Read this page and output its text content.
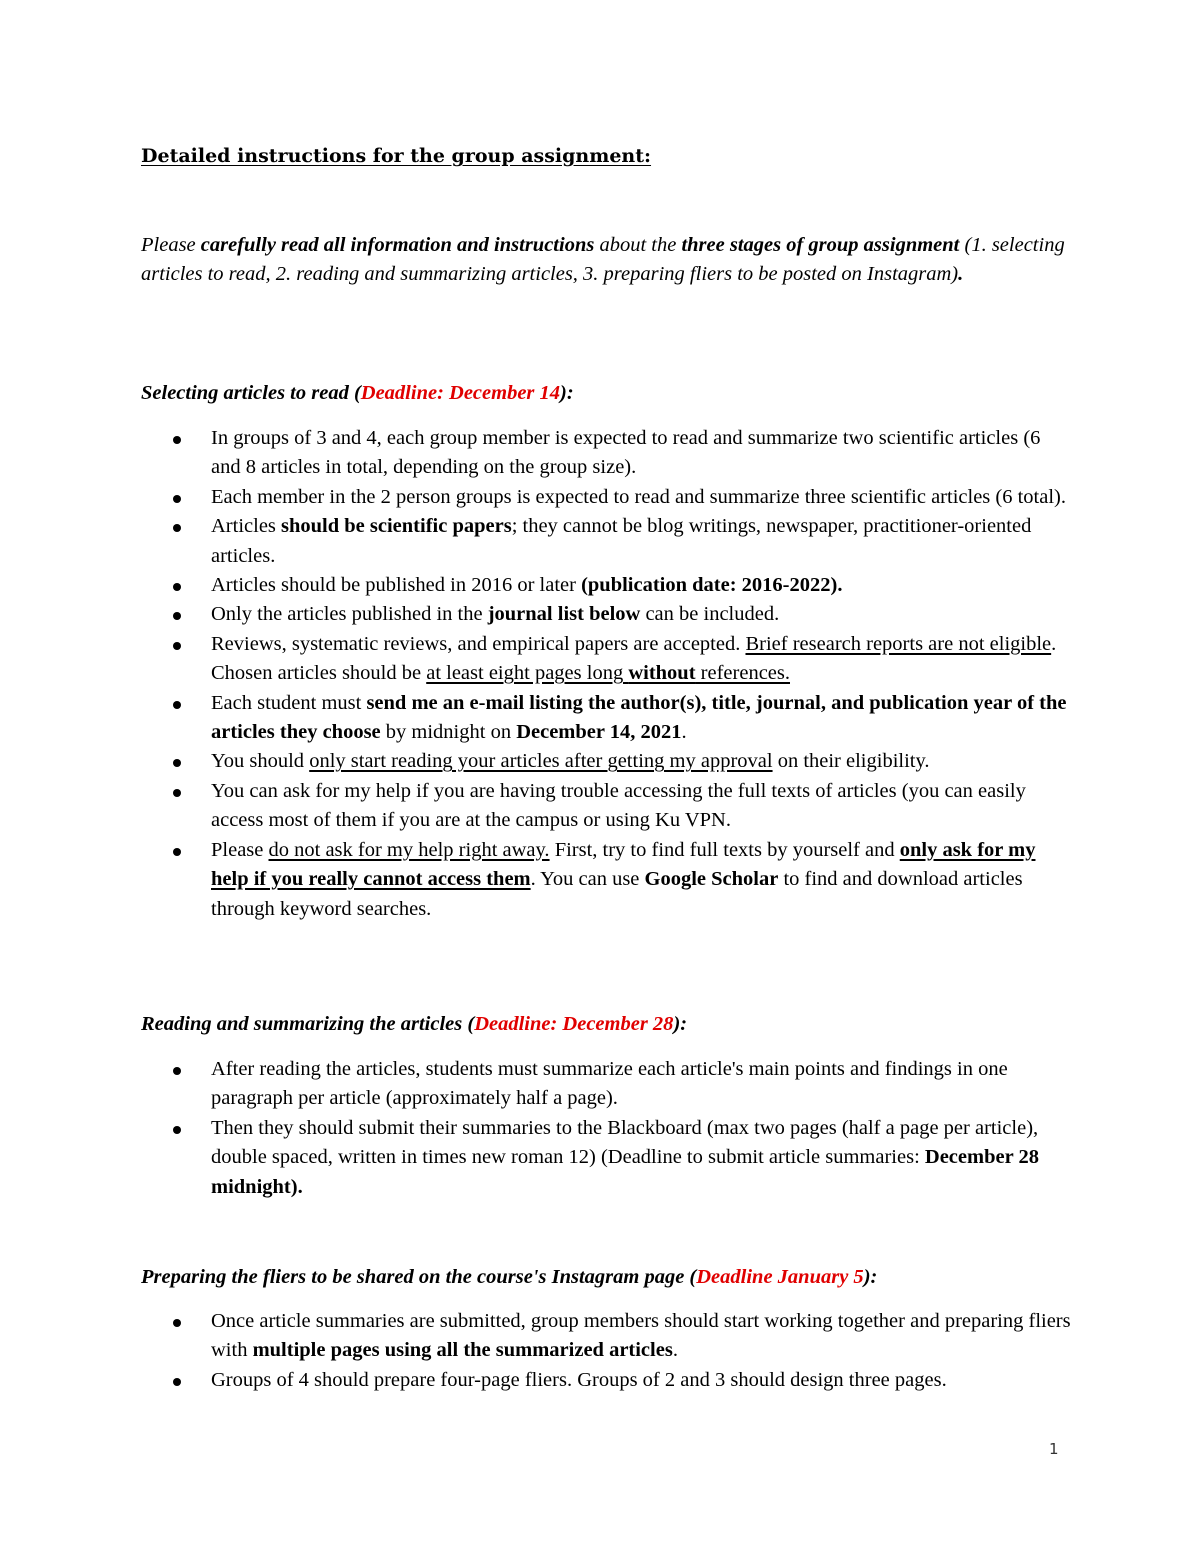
Detailed instructions for the group assignment:

Please carefully read all information and instructions about the three stages of group assignment (1. selecting articles to read, 2. reading and summarizing articles, 3. preparing fliers to be posted on Instagram).

Selecting articles to read (Deadline: December 14):

In groups of 3 and 4, each group member is expected to read and summarize two scientific articles (6 and 8 articles in total, depending on the group size).
Each member in the 2 person groups is expected to read and summarize three scientific articles (6 total).
Articles should be scientific papers; they cannot be blog writings, newspaper, practitioner-oriented articles.
Articles should be published in 2016 or later (publication date: 2016-2022).
Only the articles published in the journal list below can be included.
Reviews, systematic reviews, and empirical papers are accepted. Brief research reports are not eligible. Chosen articles should be at least eight pages long without references.
Each student must send me an e-mail listing the author(s), title, journal, and publication year of the articles they choose by midnight on December 14, 2021.
You should only start reading your articles after getting my approval on their eligibility.
You can ask for my help if you are having trouble accessing the full texts of articles (you can easily access most of them if you are at the campus or using Ku VPN.
Please do not ask for my help right away. First, try to find full texts by yourself and only ask for my help if you really cannot access them. You can use Google Scholar to find and download articles through keyword searches.

Reading and summarizing the articles (Deadline: December 28):

After reading the articles, students must summarize each article's main points and findings in one paragraph per article (approximately half a page).
Then they should submit their summaries to the Blackboard (max two pages (half a page per article), double spaced, written in times new roman 12) (Deadline to submit article summaries: December 28 midnight).

Preparing the fliers to be shared on the course's Instagram page (Deadline January 5):

Once article summaries are submitted, group members should start working together and preparing fliers with multiple pages using all the summarized articles.
Groups of 4 should prepare four-page fliers. Groups of 2 and 3 should design three pages.
1
